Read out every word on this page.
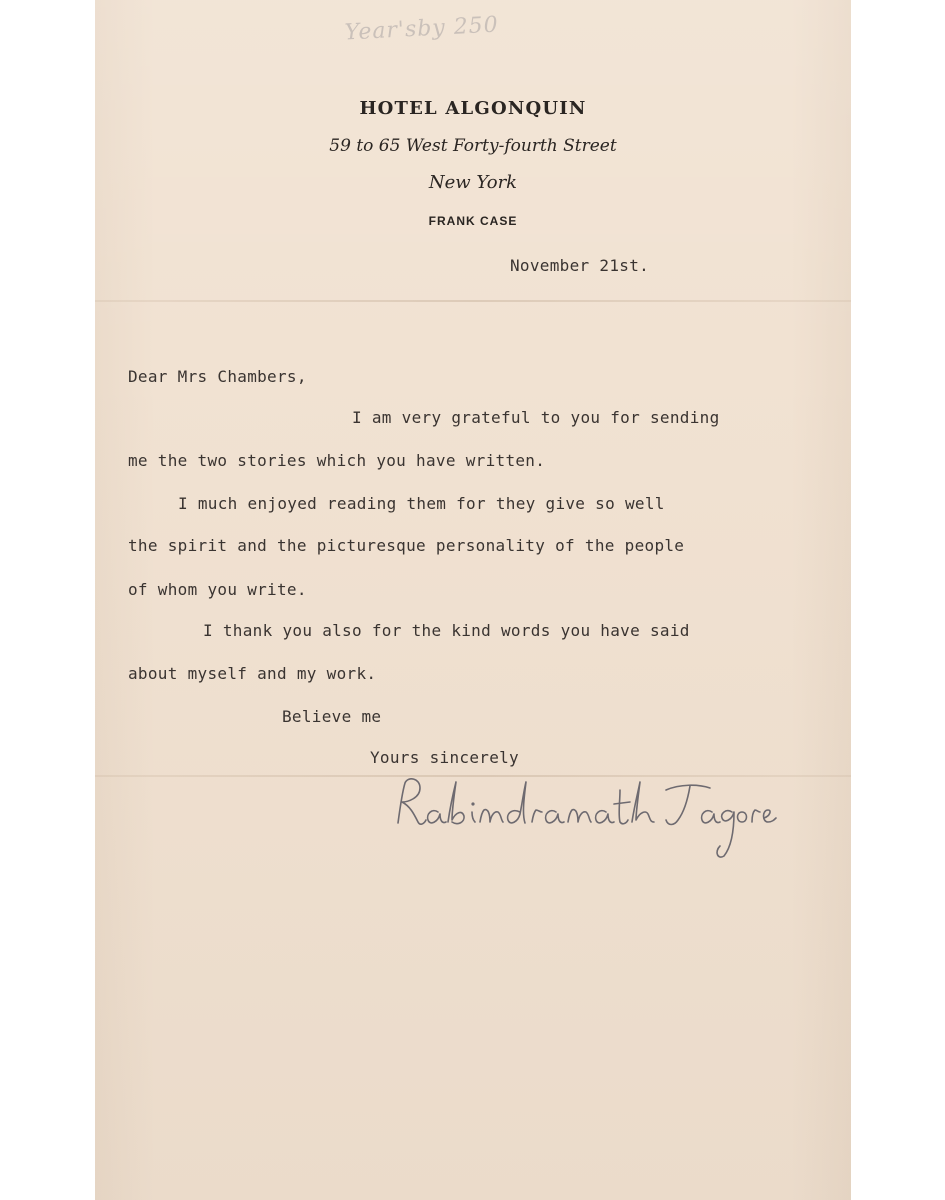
Year'sby 250
HOTEL ALGONQUIN
59 to 65 West Forty-fourth Street
New York
FRANK CASE
November 21st.
Dear Mrs Chambers,
I am very grateful to you for sending
me the two stories which you have written.
I much enjoyed reading them for they give so well
the spirit and the picturesque personality of the people
of whom you write.
I thank you also for the kind words you have said
about myself and my work.
Believe me
Yours sincerely
